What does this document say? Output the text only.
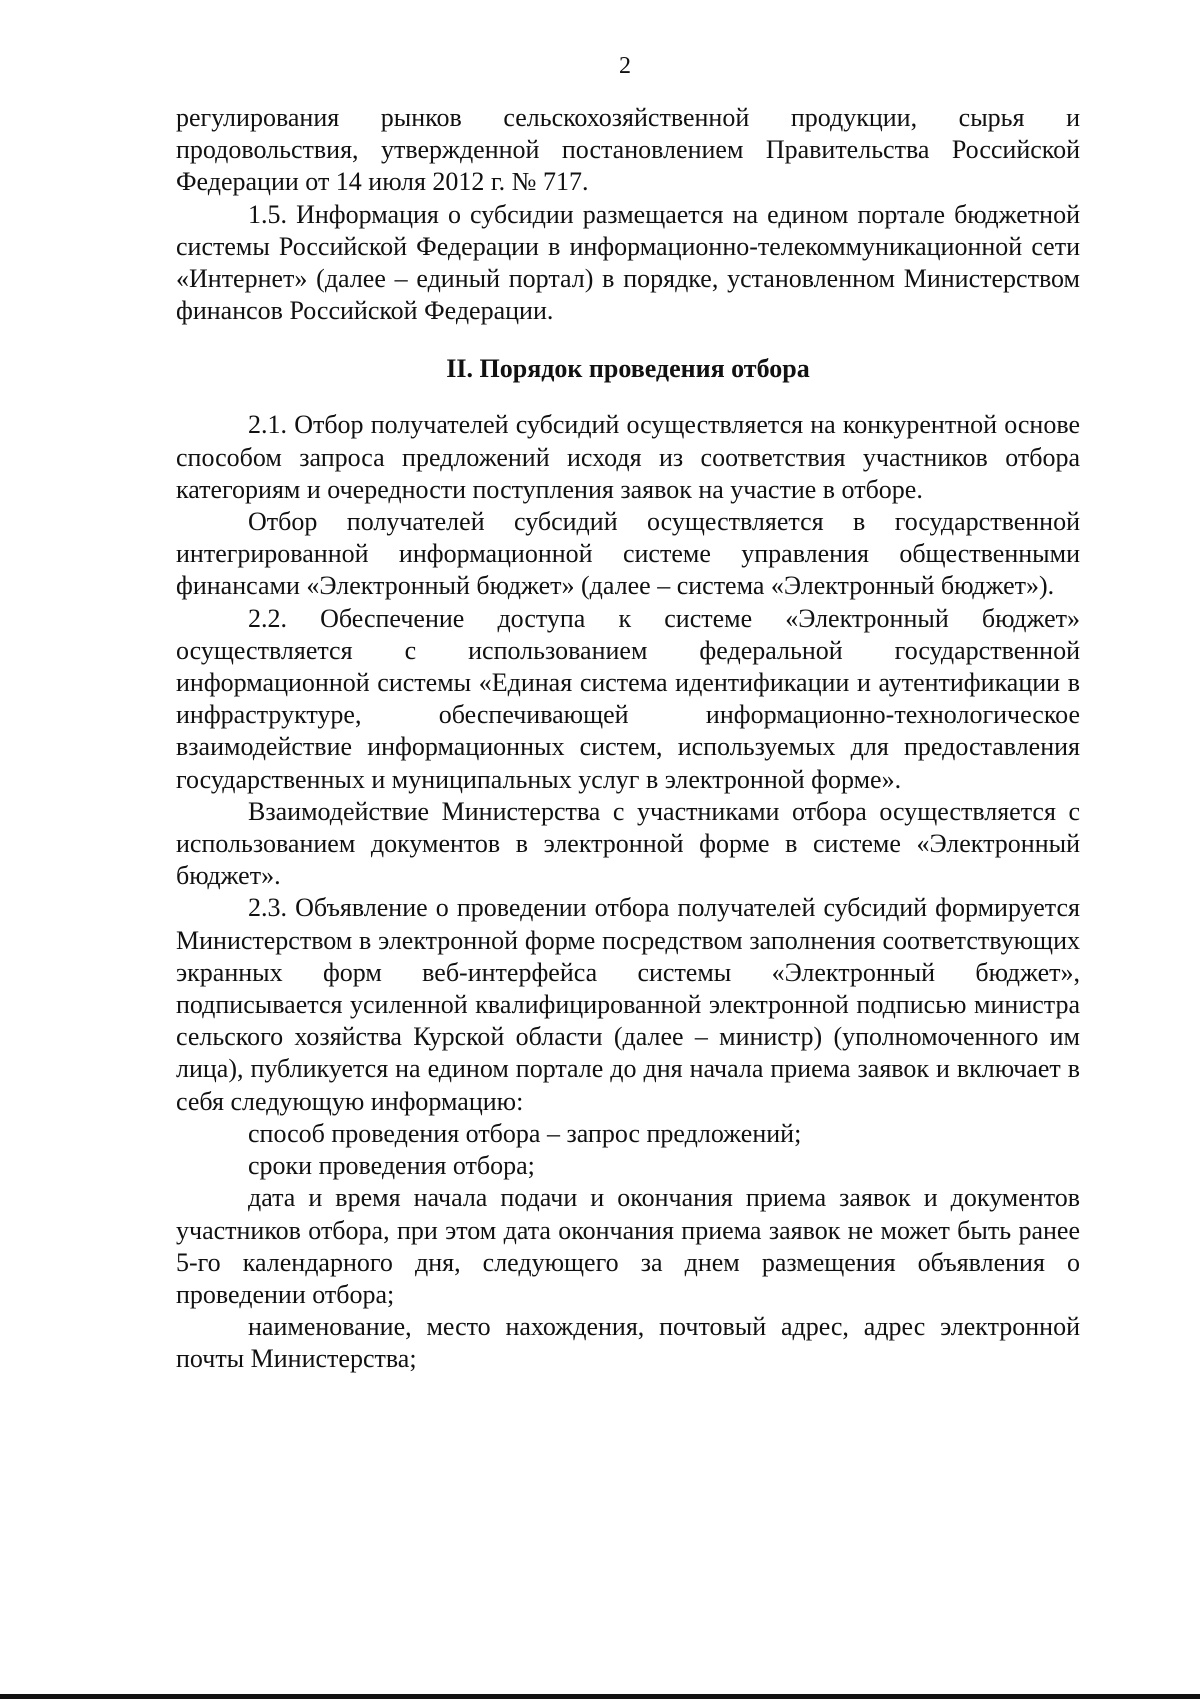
2

регулирования рынков сельскохозяйственной продукции, сырья и продовольствия, утвержденной постановлением Правительства Российской Федерации от 14 июля 2012 г. № 717.

1.5. Информация о субсидии размещается на едином портале бюджетной системы Российской Федерации в информационно-телекоммуникационной сети «Интернет» (далее – единый портал) в порядке, установленном Министерством финансов Российской Федерации.

II. Порядок проведения отбора

2.1. Отбор получателей субсидий осуществляется на конкурентной основе способом запроса предложений исходя из соответствия участников отбора категориям и очередности поступления заявок на участие в отборе.

Отбор получателей субсидий осуществляется в государственной интегрированной информационной системе управления общественными финансами «Электронный бюджет» (далее – система «Электронный бюджет»).

2.2. Обеспечение доступа к системе «Электронный бюджет» осуществляется с использованием федеральной государственной информационной системы «Единая система идентификации и аутентификации в инфраструктуре, обеспечивающей информационно-технологическое взаимодействие информационных систем, используемых для предоставления государственных и муниципальных услуг в электронной форме».

Взаимодействие Министерства с участниками отбора осуществляется с использованием документов в электронной форме в системе «Электронный бюджет».

2.3. Объявление о проведении отбора получателей субсидий формируется Министерством в электронной форме посредством заполнения соответствующих экранных форм веб-интерфейса системы «Электронный бюджет», подписывается усиленной квалифицированной электронной подписью министра сельского хозяйства Курской области (далее – министр) (уполномоченного им лица), публикуется на едином портале до дня начала приема заявок и включает в себя следующую информацию:

способ проведения отбора – запрос предложений;

сроки проведения отбора;

дата и время начала подачи и окончания приема заявок и документов участников отбора, при этом дата окончания приема заявок не может быть ранее 5-го календарного дня, следующего за днем размещения объявления о проведении отбора;

наименование, место нахождения, почтовый адрес, адрес электронной почты Министерства;
